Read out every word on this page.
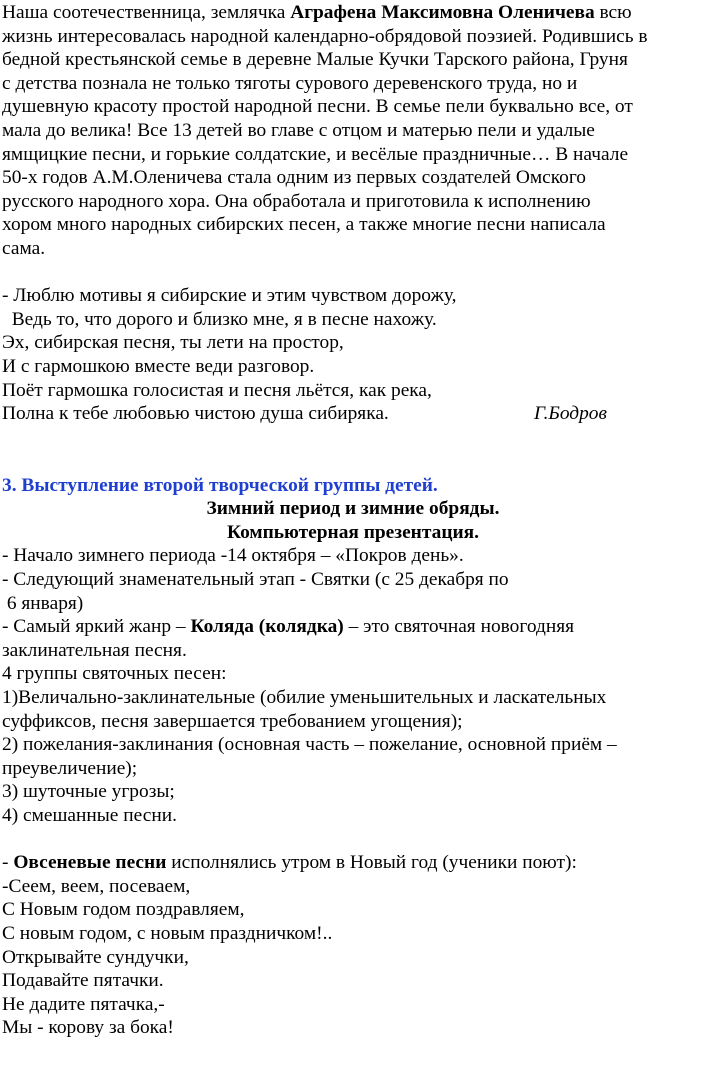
Наша соотечественница, землячка Аграфена Максимовна Оленичева всю
жизнь интересовалась народной календарно-обрядовой поэзией. Родившись в
бедной крестьянской семье в деревне Малые Кучки Тарского района, Груня
с детства познала не только тяготы сурового деревенского труда, но и
душевную красоту простой народной песни. В семье пели буквально все, от
мала до велика! Все 13 детей во главе с отцом и матерью пели и удалые
ямщицкие песни, и горькие солдатские, и весёлые праздничные… В начале
50-х годов А.М.Оленичева стала одним из первых создателей Омского
русского народного хора. Она обработала и приготовила к исполнению
хором много народных сибирских песен, а также многие песни написала
сама.
- Люблю мотивы я сибирские и этим чувством дорожу,
Ведь то, что дорого и близко мне, я в песне нахожу.
Эх, сибирская песня, ты лети на простор,
И с гармошкою вместе веди разговор.
Поёт гармошка голосистая и песня льётся, как река,
Полна к тебе любовью чистою душа сибиряка.	Г.Бодров
3. Выступление второй творческой группы детей.
Зимний период и зимние обряды.
Компьютерная презентация.
- Начало зимнего периода -14 октября – «Покров день».
- Следующий знаменательный этап - Святки (с 25 декабря по
6 января)
- Самый яркий жанр – Коляда (колядка) – это святочная новогодняя
заклинательная песня.
4 группы святочных песен:
1)Величально-заклинательные (обилие уменьшительных и ласкательных
суффиксов, песня завершается требованием угощения);
2) пожелания-заклинания (основная часть – пожелание, основной приём –
преувеличение);
3) шуточные угрозы;
4) смешанные песни.
- Овсеневые песни исполнялись утром в Новый год (ученики поют):
-Сеем, веем, посеваем,
С Новым годом поздравляем,
С новым годом, с новым праздничком!..
Открывайте сундучки,
Подавайте пятачки.
Не дадите пятачка,-
Мы - корову за бока!
